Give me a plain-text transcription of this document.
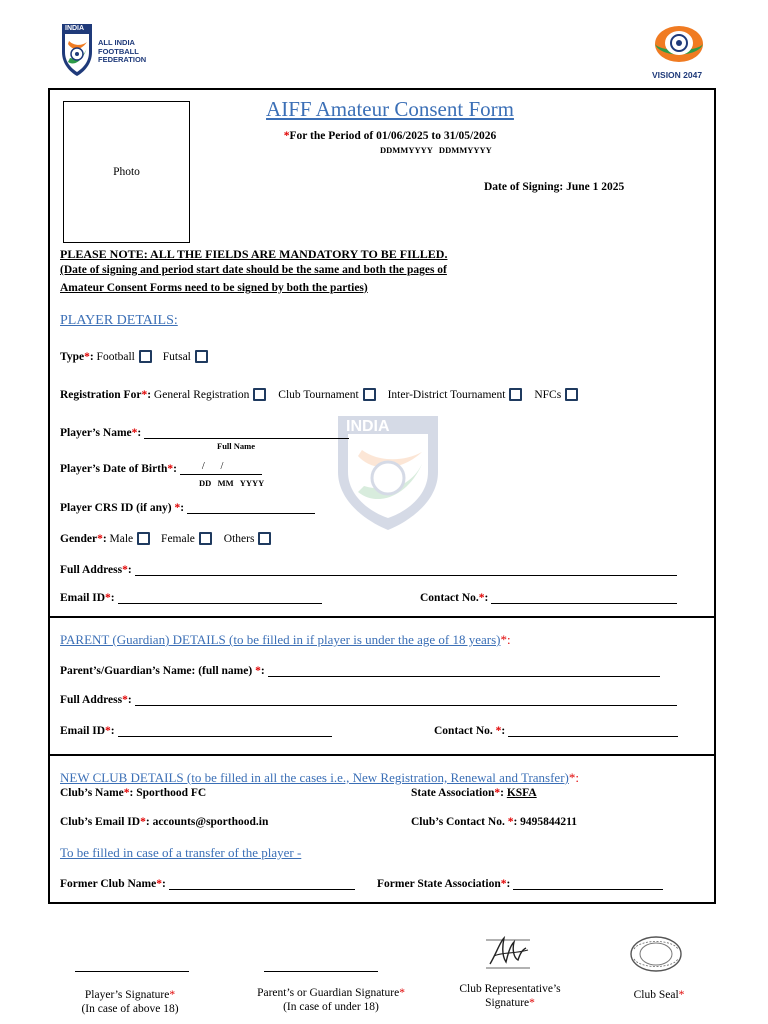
INDIA
ALL INDIA
FOOTBALL
FEDERATION
VISION 2047
INDIA
Photo
AIFF Amateur Consent Form
*For the Period of 01/06/2025 to 31/05/2026
DDMMYYYY   DDMMYYYY
Date of Signing: June 1 2025
PLEASE NOTE: ALL THE FIELDS ARE MANDATORY TO BE FILLED.
(Date of signing and period start date should be the same and both the pages of
Amateur Consent Forms need to be signed by both the parties)
PLAYER DETAILS:
Type*: Football Futsal
Registration For*: General Registration	Club Tournament	Inter-District Tournament	NFCs
Player’s Name*:
Full Name
Player’s Date of Birth*: /      /
DD   MM   YYYY
Player CRS ID (if any) *:
Gender*: Male Female	Others
Full Address*:
Email ID*:	Contact No.*:
PARENT (Guardian) DETAILS (to be filled in if player is under the age of 18 years)*:
Parent’s/Guardian’s Name: (full name) *:
Full Address*:
Email ID*:	Contact No. *:
NEW CLUB DETAILS (to be filled in all the cases i.e., New Registration, Renewal and Transfer)*:
Club’s Name*: Sporthood FC	State Association*: KSFA
Club’s Email ID*: accounts@sporthood.in	Club’s Contact No. *: 9495844211
To be filled in case of a transfer of the player -
Former Club Name*:	Former State Association*:
Player’s Signature*
(In case of above 18)
Parent’s or Guardian Signature*
(In case of under 18)
Club Representative’s
Signature*
Club Seal*
